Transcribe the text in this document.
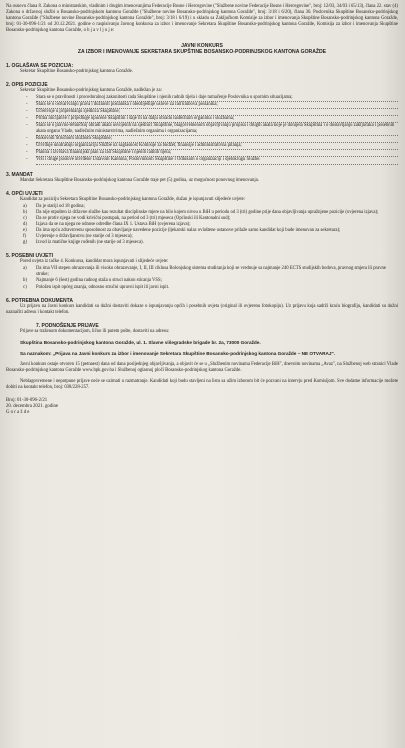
Na osnovu člana 8. Zakona o ministarskim, vladinim i drugim imenovanjima Federacije Bosne i Hercegovine ("Službene novine Federacije Bosne i Hercegovine", broj: 12/03, 34/03 i 65/13), člana 22. stav (4) Zakona o državnoj službi u Bosansko-podrinjskom kantonu Goražde ("Službene novine Bosansko-podrinjskog kantona Goražde", broj: 3/18 i 6/20), člana 36. Poslovnika Skupštine Bosansko-podrinjskog kantona Goražde ("Službene novine Bosansko-podrinjskog kantona Goražde", broj: 3/18 i 6/19) i u skladu sa Zaključkom Komisije za izbor i imenovanja Skupštine Bosansko-podrinjskog kantona Goražde, broj: 01-30-096-1/21 od 20.12.2021. godine o raspisivanju Javnog konkursa za izbor i imenovanje Sekretara Skupštine Bosansko-podrinjskog kantona Goražde, Komisija za izbor i imenovanja Skupštine Bosansko-podrinjskog kantona Goražde, o b j a v l j u j e:

JAVNI KONKURS
ZA IZBOR I IMENOVANJE SEKRETARA SKUPŠTINE BOSANSKO-PODRINJSKOG KANTONA GORAŽDE
1. OGLAŠAVA SE POZICIJA:

Sekretar Skupštine Bosansko-podrinjskog kantona Goražde.

2. OPIS POZICIJE

Sekretar Skupštine Bosansko-podrinjskog kantona Goražde, nadležan je za:

- Stara se o pravilnosti i proceduralnoj zakonitosti rada Skupštine i njenih radnih tijela i daje tumačenje Poslovnika u spornim situacijama;
- Stara se o ostvarivanju prava i dužnosti poslanika i obezbjeđuje uslove za rad klubova poslanika;
- Učestvuje u pripremanju sjednica Skupštine;
- Prima inicijative i prijedloge upućene Skupštini i daje ih na dalju obradu nadležnim organima i službama;
- Stara se o pravno-tehničkoj obradi akata usvojenih na sjednici Skupštine, blagovremenom objavljivanju propisa i drugih akata koje je donijela Skupština i o dostavljanju zaključaka i posebnih akata organu Vlade, nadležnim ministarstvima, nadležnim organima i organizacijama;
- Rukovodi Stručnom službom Skupštine;
- Utvrđuje unutrašnju organizaciju Službe uz saglasnost Komisije za budžet, finansije i administrativna pitanja;
- Planira i izvršava finansijski plan za rad Skupštine i njenih radnih tijela;
- Vrši i druge poslove utvrđene Ustavom Kantona, Poslovnikom Skupštine i Odlukom o organizaciji i djelokrugu Službe.
3. MANDAT

Mandat Sekretara Skupštine Bosansko-podrinjskog kantona Goražde traje pet (5) godina, uz mogućnost ponovnog imenovanja.

4. OPĆI UVJETI

Kandidat za poziciju Sekretara Skupštine Bosansko-podrinjskog kantona Goražde, dužan je ispunjavati slijedeće uvjete:

a) Da je stariji od 18 godina;
b) Da nije otpušten iz državne službe kao rezultat disciplinske mjere na bilo kojem nivou u BiH u periodu od 3 (tri) godine prije dana objavljivanja upražnjene pozicije (ovjerena izjava);
c) Da se protiv njega ne vodi krivični postupak, na period od 3 (tri) mjeseca (Općinski ili Kantonalni sud);
d) Izjava da se na njega ne odnose odredbe člana IX 1. Ustava BiH (ovjerena izjava);
e) Da ima opću zdravstvenu sposobnost za obavljanje navedene pozicije (ljekarski nalaz ovlaštene ustanove prilaže samo kandidat koji bude imenovan za sekretara);
f) Uvjerenje o državljanstvu (ne starije od 3 mjeseca);
g) Izvod iz matične knjige rođenih (ne starije od 3 mjeseca).
5. POSEBNI UVJETI

Pored uvjeta iz tačke 4. Konkursa, kandidat mora ispunjavati i slijedeće uvjete:

a) Da ima VII stepen obrazovanja ili visoko obrazovanje, I, II, III ciklusa Bolonjskog sistema studiranja koji se vrednuje sa najmanje 240 ECTS studijskih bodova, pravnog smjera ili pravne struke;
b) Najmanje 6 (šest) godina radnog staža u struci nakon sticanja VSS;
c) Položen ispit općeg znanja, odnosno stručni upravni ispit ili javni ispit.
6. POTREBNA DOKUMENTA

Uz prijavu na Javni konkurs kandidati su dužni dostaviti dokaze o ispunjavanju općih i posebnih uvjeta (original ili ovjerenu fotokopiju). Uz prijavu koja sadrži kraću biografiju, kandidati su dužni naznačiti adresu i kontakt telefon.

7. PODNOŠENJE PRIJAVE

Prijave sa traženom dokumentacijom, lično ili putem pošte, dostaviti na adresu:

Skupština Bosansko-podrinjskog kantona Goražde, ul. 1. Slavne višegradske brigade br. 2a, 73000 Goražde.

Sa naznakom: „Prijava na Javni konkurs za izbor i imenovanje Sekretara Skupštine Bosansko-podrinjskog kantona Goražde – NE OTVARAJ".

Javni konkurs ostaje otvoren 15 (petnaest) dana od dana posljednjeg objavljivanja, a objavit će se u „Službenim novinama Federacije BiH", dnevnim novinama „Avaz", na Službenoj web stranici Vlade Bosansko-podrinjskog kantona Goražde www.bpk.gov.ba i Službenoj oglasnoj ploči Bosansko-podrinjskog kantona Goražde.

Neblagovremene i nepotpune prijave neće se uzimati u razmatranje. Kandidati koji budu stavljeni na listu sa užim izborom bit će pozvani na intervju pred Komisijom. Sve dodatne informacije možete dobiti na kontakt telefon, broj: 038/228-257.

Broj: 01-30-096-2/21
20. decembra 2021. godine
G o r a ž d e
